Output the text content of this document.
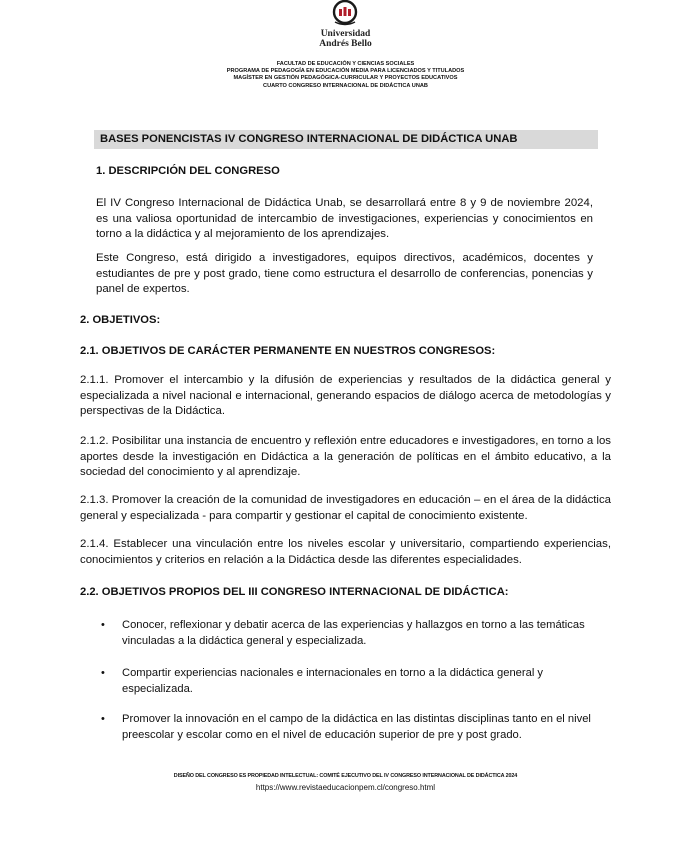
Universidad
Andrés Bello
FACULTAD DE EDUCACIÓN Y CIENCIAS SOCIALES
PROGRAMA DE PEDAGOGÍA EN EDUCACIÓN MEDIA PARA LICENCIADOS Y TITULADOS
MAGÍSTER EN GESTIÓN PEDAGÓGICA-CURRICULAR Y PROYECTOS EDUCATIVOS
CUARTO CONGRESO INTERNACIONAL DE DIDÁCTICA UNAB
BASES PONENCISTAS IV CONGRESO INTERNACIONAL DE DIDÁCTICA UNAB
1. DESCRIPCIÓN DEL CONGRESO
El IV Congreso Internacional de Didáctica Unab, se desarrollará entre 8 y 9 de noviembre 2024, es una valiosa oportunidad de intercambio de investigaciones, experiencias y conocimientos en torno a la didáctica y al mejoramiento de los aprendizajes.
Este Congreso, está dirigido a investigadores, equipos directivos, académicos, docentes y estudiantes de pre y post grado, tiene como estructura el desarrollo de conferencias, ponencias y panel de expertos.
2. OBJETIVOS:
2.1. OBJETIVOS DE CARÁCTER PERMANENTE EN NUESTROS CONGRESOS:
2.1.1. Promover el intercambio y la difusión de experiencias y resultados de la didáctica general y especializada a nivel nacional e internacional, generando espacios de diálogo acerca de metodologías y perspectivas de la Didáctica.
2.1.2. Posibilitar una instancia de encuentro y reflexión entre educadores e investigadores, en torno a los aportes desde la investigación en Didáctica a la generación de políticas en el ámbito educativo, a la sociedad del conocimiento y al aprendizaje.
2.1.3. Promover la creación de la comunidad de investigadores en educación – en el área de la didáctica general y especializada - para compartir y gestionar el capital de conocimiento existente.
2.1.4. Establecer una vinculación entre los niveles escolar y universitario, compartiendo experiencias, conocimientos y criterios en relación a la Didáctica desde las diferentes especialidades.
2.2. OBJETIVOS PROPIOS DEL III CONGRESO INTERNACIONAL DE DIDÁCTICA:
• Conocer, reflexionar y debatir acerca de las experiencias y hallazgos en torno a las temáticas vinculadas a la didáctica general y especializada.
• Compartir experiencias nacionales e internacionales en torno a la didáctica general y especializada.
• Promover la innovación en el campo de la didáctica en las distintas disciplinas tanto en el nivel preescolar y escolar como en el nivel de educación superior de pre y post grado.
DISEÑO DEL CONGRESO ES PROPIEDAD INTELECTUAL: COMITÉ EJECUTIVO DEL IV CONGRESO INTERNACIONAL DE DIDÁCTICA 2024
https://www.revistaeducacionpem.cl/congreso.html
